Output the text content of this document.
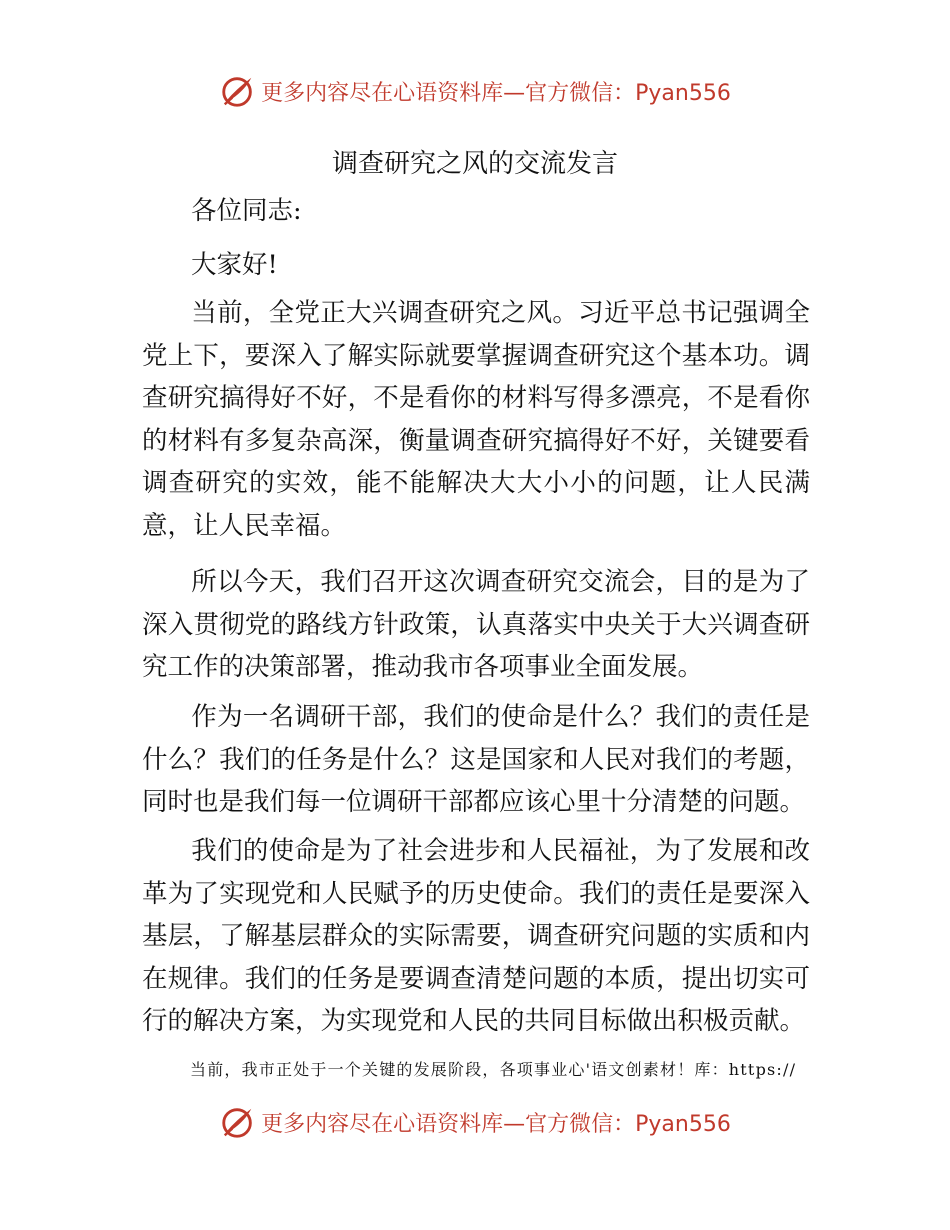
更多内容尽在心语资料库—官方微信：Pyan556
调查研究之风的交流发言
各位同志:
大家好!
当前，全党正大兴调查研究之风。习近平总书记强调全党上下，要深入了解实际就要掌握调查研究这个基本功。调查研究搞得好不好，不是看你的材料写得多漂亮，不是看你的材料有多复杂高深，衡量调查研究搞得好不好，关键要看调查研究的实效，能不能解决大大小小的问题，让人民满意，让人民幸福。
所以今天，我们召开这次调查研究交流会，目的是为了深入贯彻党的路线方针政策，认真落实中央关于大兴调查研究工作的决策部署，推动我市各项事业全面发展。
作为一名调研干部，我们的使命是什么？我们的责任是什么？我们的任务是什么？这是国家和人民对我们的考题，同时也是我们每一位调研干部都应该心里十分清楚的问题。
我们的使命是为了社会进步和人民福祉，为了发展和改革为了实现党和人民赋予的历史使命。我们的责任是要深入基层，了解基层群众的实际需要，调查研究问题的实质和内在规律。我们的任务是要调查清楚问题的本质，提出切实可行的解决方案，为实现党和人民的共同目标做出积极贡献。
当前，我市正处于一个关键的发展阶段，各项事业心'语文创素材！库：https://
更多内容尽在心语资料库—官方微信：Pyan556
